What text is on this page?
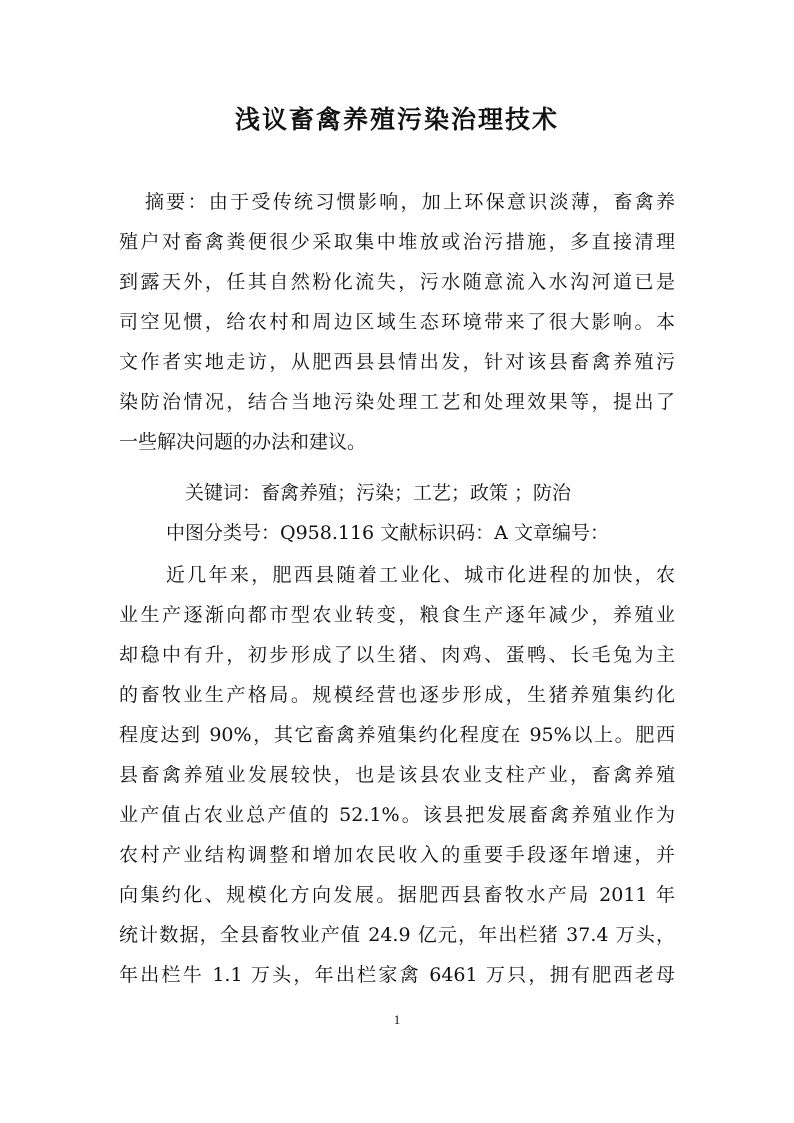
浅议畜禽养殖污染治理技术
摘要：由于受传统习惯影响，加上环保意识淡薄，畜禽养
殖户对畜禽粪便很少采取集中堆放或治污措施，多直接清理
到露天外，任其自然粉化流失，污水随意流入水沟河道已是
司空见惯，给农村和周边区域生态环境带来了很大影响。本
文作者实地走访，从肥西县县情出发，针对该县畜禽养殖污
染防治情况，结合当地污染处理工艺和处理效果等，提出了
一些解决问题的办法和建议。
关键词：畜禽养殖；污染；工艺；政策 ；防治
中图分类号：Q958.116 文献标识码：A 文章编号：
近几年来，肥西县随着工业化、城市化进程的加快，农
业生产逐渐向都市型农业转变，粮食生产逐年减少，养殖业
却稳中有升，初步形成了以生猪、肉鸡、蛋鸭、长毛兔为主
的畜牧业生产格局。规模经营也逐步形成，生猪养殖集约化
程度达到 90%，其它畜禽养殖集约化程度在 95%以上。肥西
县畜禽养殖业发展较快，也是该县农业支柱产业，畜禽养殖
业产值占农业总产值的 52.1%。该县把发展畜禽养殖业作为
农村产业结构调整和增加农民收入的重要手段逐年增速，并
向集约化、规模化方向发展。据肥西县畜牧水产局 2011 年
统计数据，全县畜牧业产值 24.9 亿元，年出栏猪 37.4 万头，
年出栏牛 1.1 万头，年出栏家禽 6461 万只，拥有肥西老母
1
